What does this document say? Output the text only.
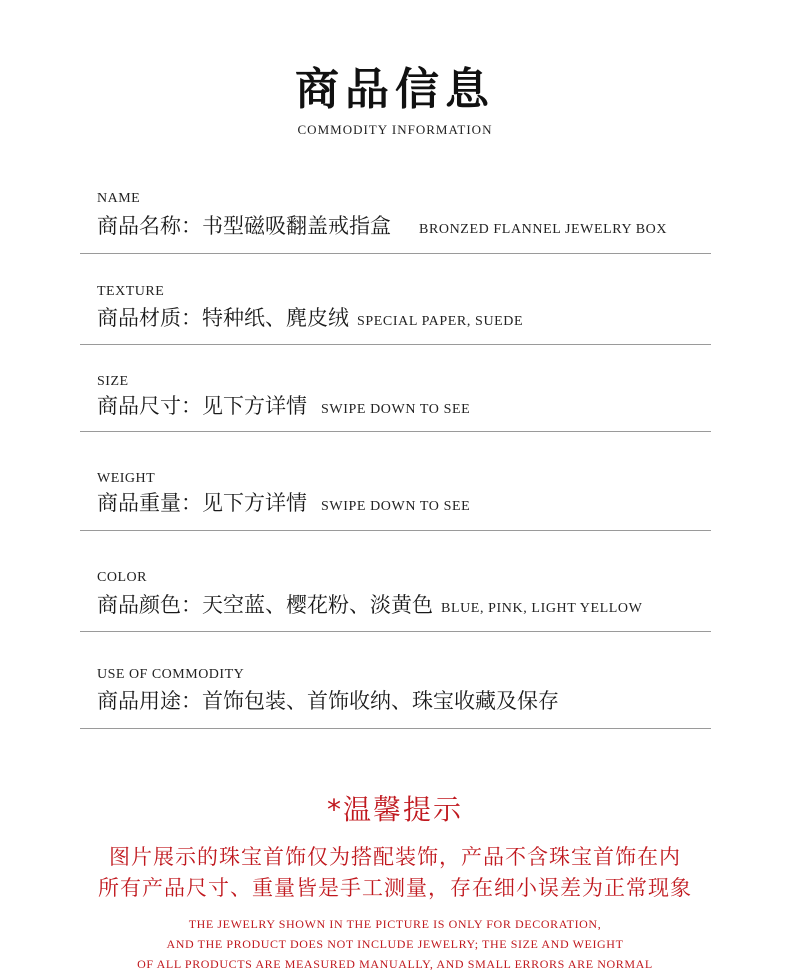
商品信息
COMMODITY INFORMATION
NAME
商品名称：书型磁吸翻盖戒指盒 BRONZED FLANNEL JEWELRY BOX
TEXTURE
商品材质：特种纸、麂皮绒 SPECIAL PAPER, SUEDE
SIZE
商品尺寸：见下方详情 SWIPE DOWN TO SEE
WEIGHT
商品重量：见下方详情 SWIPE DOWN TO SEE
COLOR
商品颜色：天空蓝、樱花粉、淡黄色 BLUE, PINK, LIGHT YELLOW
USE OF COMMODITY
商品用途：首饰包装、首饰收纳、珠宝收藏及保存
*温馨提示
图片展示的珠宝首饰仅为搭配装饰，产品不含珠宝首饰在内
所有产品尺寸、重量皆是手工测量，存在细小误差为正常现象
THE JEWELRY SHOWN IN THE PICTURE IS ONLY FOR DECORATION,
AND THE PRODUCT DOES NOT INCLUDE JEWELRY; THE SIZE AND WEIGHT
OF ALL PRODUCTS ARE MEASURED MANUALLY, AND SMALL ERRORS ARE NORMAL
